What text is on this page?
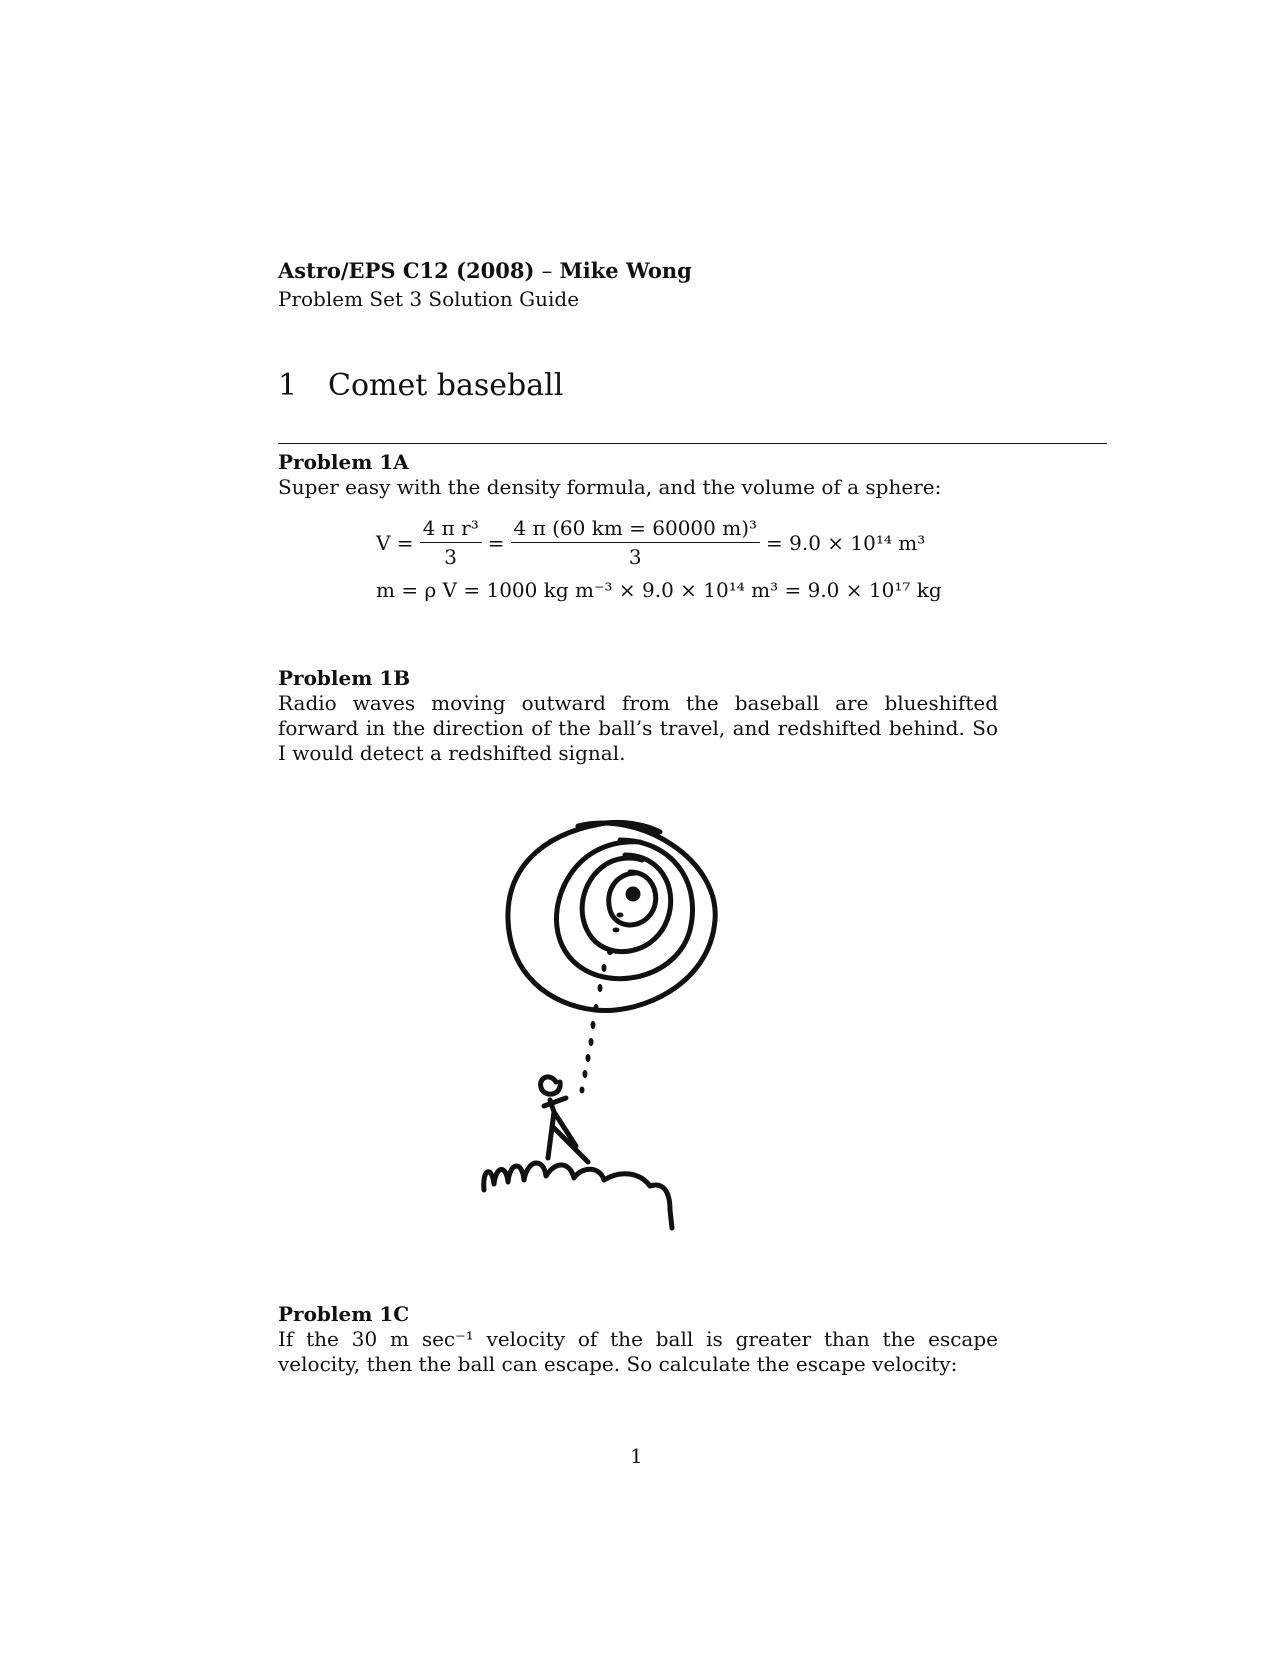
Astro/EPS C12 (2008) – Mike Wong
Problem Set 3 Solution Guide
1 Comet baseball
Problem 1A
Super easy with the density formula, and the volume of a sphere:
$V = \frac{\text{4 π r³}}{3} = \frac{\text{4 π (60 km = 60000 m)³}}{3} = 9.0 \times 10^{14}$ m³
m = ρ V = 1000 kg m⁻³ × 9.0 × 10¹⁴ m³ = 9.0 × 10¹⁷ kg
Problem 1B
Radio waves moving outward from the baseball are blueshifted forward in the direction of the ball’s travel, and redshifted behind. So I would detect a redshifted signal.
Problem 1C
If the 30 m sec⁻¹ velocity of the ball is greater than the escape velocity, then the ball can escape. So calculate the escape velocity:
1
